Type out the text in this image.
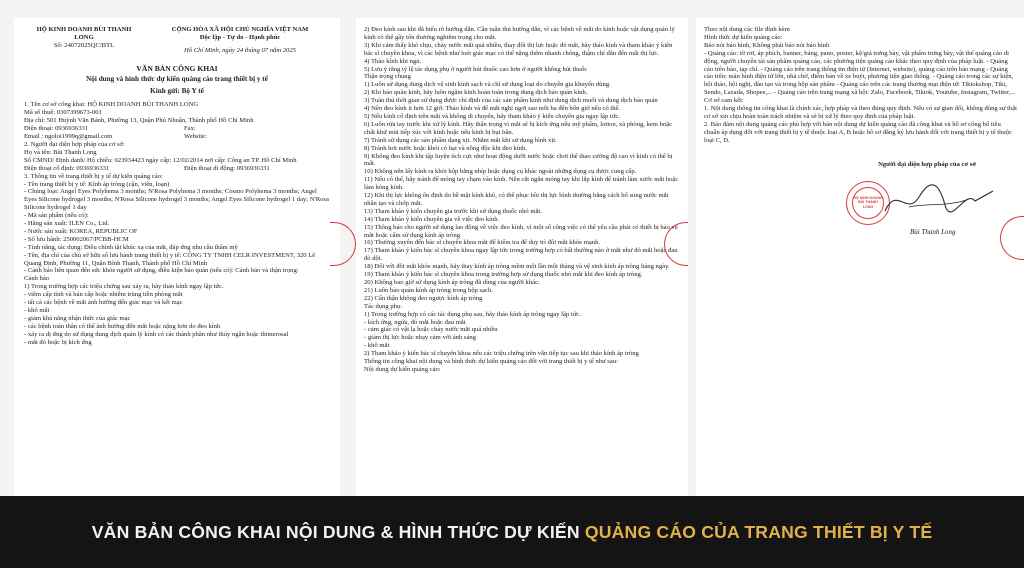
HỘ KINH DOANH BÙI THANH
LONG
Số: 24072025QC/BTL
CỘNG HÒA XÃ HỘI CHỦ NGHĨA VIỆT NAM
Độc lập - Tự do - Hạnh phúc
Hồ Chí Minh, ngày 24 tháng 07 năm 2025
VĂN BẢN CÔNG KHAI
Nội dung và hình thức dự kiến quảng cáo trang thiết bị y tế
Kính gửi: Bộ Y tế
1. Tên cơ sở công khai: HỘ KINH DOANH BÙI THANH LONG
Mã số thuế: 0307399673-001
Địa chỉ: 501 Huỳnh Văn Bánh, Phường 13, Quận Phú Nhuận, Thành phố Hồ Chí Minh
Điện thoại: 0936936331	Fax:
Email : ngoloi1999q@gmail.com	Website:
2. Người đại diện hợp pháp của cơ sở:
Họ và tên: Bùi Thanh Long
Số CMND/ Định danh/ Hộ chiếu: 023934423 ngày cấp: 12/02/2014 nơi cấp: Công an TP. Hồ Chí Minh
Điện thoại cố định: 0936936331	Điện thoại di động: 0936936331
3. Thông tin về trang thiết bị y tế dự kiến quảng cáo:
- Tên trang thiết bị y tế: Kính áp tròng (cận, viễn, loạn)
- Chủng loại: Angel Eyes Polyhema 3 months; N'Rosa Polyhema 3 months; Cosmo Polyhema 3 months; Angel Eyes Silicone hydrogel 3 months; N'Rosa Silicone hydrogel 3 months; Angel Eyes Silicone hydrogel 1 day; N'Rosa Silicone hydrogel 1 day
- Mã sản phẩm (nếu có):
- Hãng sản xuất: ILEN Co., Ltd.
- Nước sản xuất: KOREA, REPUBLIC OF
- Số lưu hành: 250002067/PCBB-HCM
- Tính năng, tác dụng: Điều chỉnh tật khúc xạ của mắt, đáp ứng nhu cầu thẩm mỹ
- Tên, địa chỉ của chủ sở hữu số lưu hành trang thiết bị y tế: CÔNG TY TNHH CELR INVESTMENT, 320 Lê Quang Định, Phường 11, Quận Bình Thạnh, Thành phố Hồ Chí Minh
- Cảnh báo liên quan đến sức khỏe người sử dụng, điều kiện bảo quản (nếu có): Cảnh báo và thận trọng:
Cảnh báo
1) Trong trường hợp các triệu chứng sau xảy ra, hãy tháo kính ngay lập tức.
- viêm cấp tính và bán cấp hoặc nhiễm trùng tiền phòng mắt
- tất cả các bệnh về mắt ảnh hưởng đến giác mạc và kết mạc
- khô mắt
- giảm khả năng nhận thức của giác mạc
- các bệnh toàn thân có thể ảnh hưởng đến mắt hoặc nặng hơn do đeo kính
- xáy ra dị ứng do sử dụng dung dịch quản lý kính có các thành phần như thủy ngân hoặc thimerosal
- mắt đỏ hoặc bị kích ứng
2) Đeo kính sau khi đã hiểu rõ hướng dẫn. Cần tuân thủ hướng dẫn, vì các bệnh về mắt do kính hoặc vật dụng quản lý kính có thể gây tổn thương nghiêm trọng cho mắt.
3) Khi cảm thấy khó chịu, chảy nước mắt quá nhiều, thay đổi thị lực hoặc đỏ mắt, hãy tháo kính và tham khảo ý kiến bác sĩ chuyên khoa, vì các bệnh như loét giác mạc có thể nặng thêm nhanh chóng, thậm chí dẫn đến mất thị lực.
4) Tháo kính khi ngủ.
5) Lưu ý rằng tỷ lệ tác dụng phụ ở người hút thuốc cao hơn ở người không hút thuốc
Thận trọng chung
1) Luôn sử dụng dung dịch vệ sinh kính sạch và chỉ sử dụng loại do chuyên gia khuyến dùng.
2) Khi bảo quản kính, hãy luôn ngâm kính hoàn toàn trong dung dịch bảo quản kính.
3) Tuân thủ thời gian sử dụng được chỉ định của các sản phẩm kính như dung dịch muối và dung dịch bảo quản
4) Nên đeo kính ít hơn 12 giờ. Tháo kính và để mắt nghỉ ngơi sau mỗi ba đến bốn giờ nếu có thể.
5) Nếu kính cố định trên mắt và không di chuyển, hãy tham khảo ý kiến chuyên gia ngay lập tức.
6) Luôn rửa tay trước khi xử lý kính. Hãy thận trọng vì mắt sẽ bị kích ứng nếu mỹ phẩm, lotion, xà phòng, kem hoặc chất khử mùi tiếp xúc với kính hoặc nếu kính bị bụi bẩn.
7) Tránh sử dụng các sản phẩm dạng xịt. Nhắm mắt khi sử dụng bình xịt.
8) Tránh hơi nước hoặc khói có hại và nồng độc khi đeo kính.
9) Không đeo kính khi tập luyện tích cực như hoạt động dưới nước hoặc chơi thể thao cường độ cao vì kính có thể bị mất.
10) Không nên lấy kính ra khỏi hộp bằng nhíp hoặc dụng cụ khác ngoài những dụng cụ được cung cấp.
11) Nếu có thể, hãy tránh để móng tay chạm vào kính. Nên cắt ngắn móng tay khi lắp kính để tránh làm xước mắt hoặc làm hỏng kính.
12) Khi thị lực không ổn định do bề mặt kính khô, có thể phục hồi thị lực bình thường bằng cách bổ sung nước mắt nhân tạo và chớp mắt.
13) Tham khảo ý kiến chuyên gia trước khi sử dụng thuốc nhỏ mắt.
14) Tham khảo ý kiến chuyên gia về việc đeo kính.
15) Thông báo cho người sử dụng lao động về việc đeo kính, vì một số công việc có thể yêu cầu phải có thiết bị bảo vệ mắt hoặc cấm sử dụng kính áp tròng
16) Thường xuyên đến bác sĩ chuyên khoa mắt để kiểm tra để duy trì đôi mắt khỏe mạnh.
17) Tham khảo ý kiến bác sĩ chuyên khoa ngay lập tức trong trường hợp có bất thường nào ở mắt như đỏ mắt hoặc đau đỏ dội.
18) Đối với đôi mắt khỏe mạnh, hãy thay kính áp tròng mềm một lần một tháng và vệ sinh kính áp tròng hàng ngày.
19) Tham khảo ý kiến bác sĩ chuyên khoa trong trường hợp sử dụng thuốc nhỏ mắt khi đeo kính áp tròng.
20) Không bao giờ sử dụng kính áp tròng đã dùng của người khác.
21) Luôn bảo quản kính áp tròng trong hộp sạch.
22) Cẩn thận không đeo ngược kính áp tròng
Tác dụng phụ:
1) Trong trường hợp có các tác dụng phụ sau, hãy tháo kính áp tròng ngay lập tức.
- kích ứng, ngứa, đỏ mắt hoặc đau mắt
- cảm giác có vật lạ hoặc chảy nước mắt quá nhiều
- giảm thị lực hoặc nhạy cảm với ánh sáng
- khô mắt
2) Tham khảo ý kiến bác sĩ chuyên khoa nếu các triệu chứng trên vẫn tiếp tục sau khi tháo kính áp tròng
Thông tin công khai nội dung và hình thức dự kiến quảng cáo đối với trang thiết bị y tế như sau:
Nội dung dự kiến quảng cáo:
Theo nội dung các file đính kèm
Hình thức dự kiến quảng cáo:
Báo nói báo hình, Không phải báo nói báo hình
- Quảng cáo: tờ rơi, áp phích, banner, bảng, pano, poster, kệ/giá trưng bày, vật phẩm trưng bày, vật thể quảng cáo di động, người chuyển tải sản phẩm quảng cáo, các phương tiện quảng cáo khác theo quy định của pháp luật. - Quảng cáo trên báo, tạp chí. - Quảng cáo trên trang thông tin điện tử (Internet, website), quảng cáo trên báo mạng - Quảng cáo trên: màn hình điện tử lớn, nhà chờ, điểm bán về xe buýt, phương tiện giao thông. - Quảng cáo trong các sự kiện, hội thảo, hội nghị, đào tạo và trong hộp sản phẩm - Quảng cáo trên các trang thương mại điện tử: Tiktokshop, Tiki, Sendo, Lazada, Shopee,... - Quảng cáo trên trang mạng xã hội: Zalo, Facebook, Tiktok, Youtube, Instagram, Twitter,...
Cơ sở cam kết:
1. Nội dung thông tin công khai là chính xác, hợp pháp và theo đúng quy định. Nếu có sự gian dối, không đúng sự thật cơ sở xin chịu hoàn toàn trách nhiệm và sẽ bị xử lý theo quy định của pháp luật.
2. Bảo đảm nội dung quảng cáo phù hợp với bản nội dung dự kiến quảng cáo đã công khai và hồ sơ công bố tiêu chuẩn áp dụng đối với trang thiết bị y tế thuộc loại A, B hoặc hồ sơ đăng ký lưu hành đối với trang thiết bị y tế thuộc loại C, D.
Người đại diện hợp pháp của cơ sở
HỘ KINH DOANH BÙI THANH LONG
Bùi Thanh Long
VĂN BẢN CÔNG KHAI NỘI DUNG & HÌNH THỨC DỰ KIẾN QUẢNG CÁO CỦA TRANG THIẾT BỊ Y TẾ
